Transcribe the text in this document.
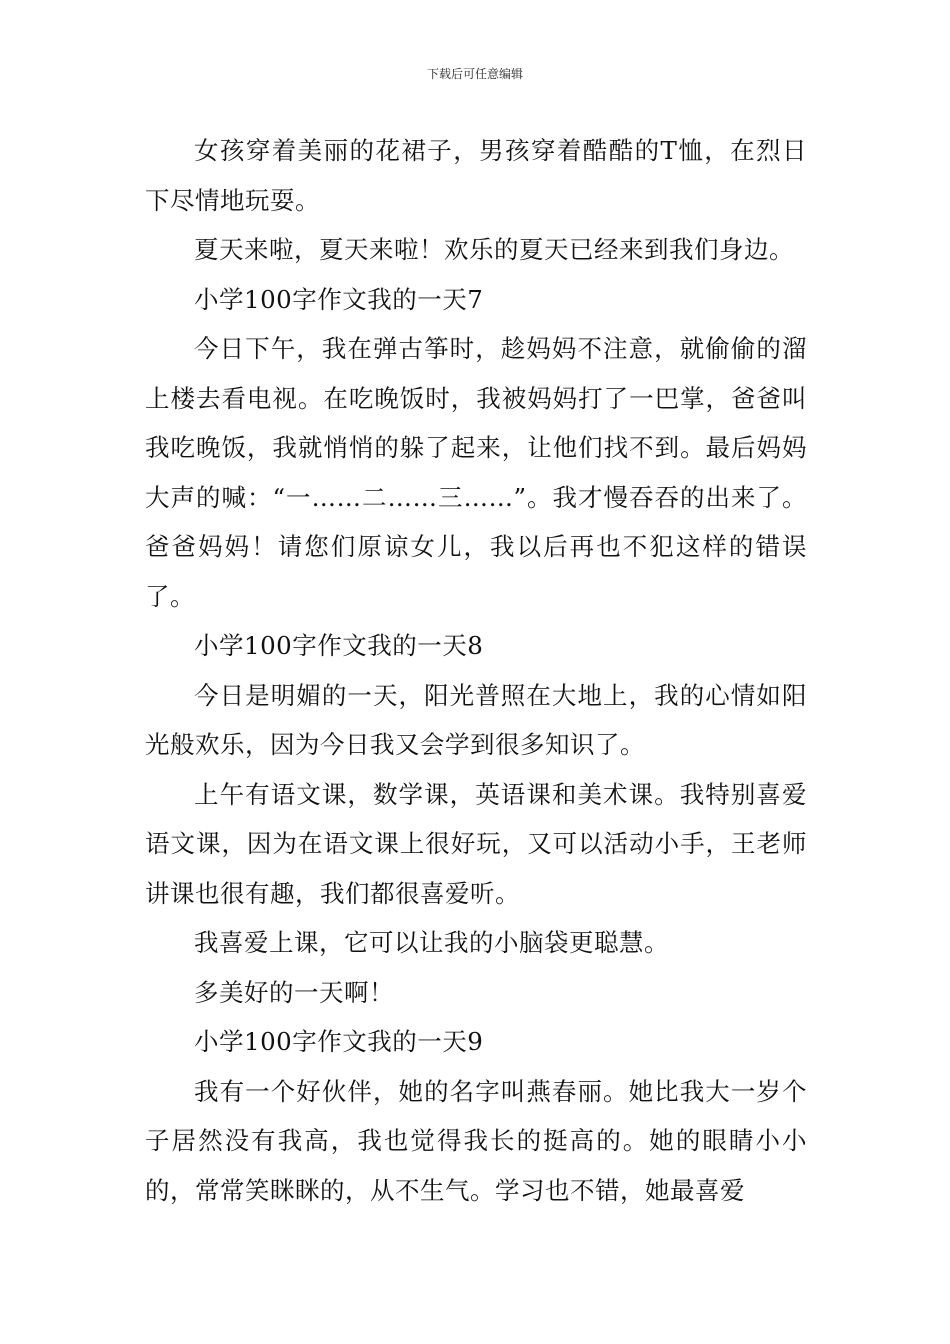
下载后可任意编辑

女孩穿着美丽的花裙子，男孩穿着酷酷的T恤，在烈日下尽情地玩耍。

夏天来啦，夏天来啦！欢乐的夏天已经来到我们身边。

小学100字作文我的一天7

今日下午，我在弹古筝时，趁妈妈不注意，就偷偷的溜上楼去看电视。在吃晚饭时，我被妈妈打了一巴掌，爸爸叫我吃晚饭，我就悄悄的躲了起来，让他们找不到。最后妈妈大声的喊：“一……二……三……”。我才慢吞吞的出来了。爸爸妈妈！请您们原谅女儿，我以后再也不犯这样的错误了。

小学100字作文我的一天8

今日是明媚的一天，阳光普照在大地上，我的心情如阳光般欢乐，因为今日我又会学到很多知识了。

上午有语文课，数学课，英语课和美术课。我特别喜爱语文课，因为在语文课上很好玩，又可以活动小手，王老师讲课也很有趣，我们都很喜爱听。

我喜爱上课，它可以让我的小脑袋更聪慧。

多美好的一天啊！

小学100字作文我的一天9

我有一个好伙伴，她的名字叫燕春丽。她比我大一岁个子居然没有我高，我也觉得我长的挺高的。她的眼睛小小的，常常笑眯眯的，从不生气。学习也不错，她最喜爱
